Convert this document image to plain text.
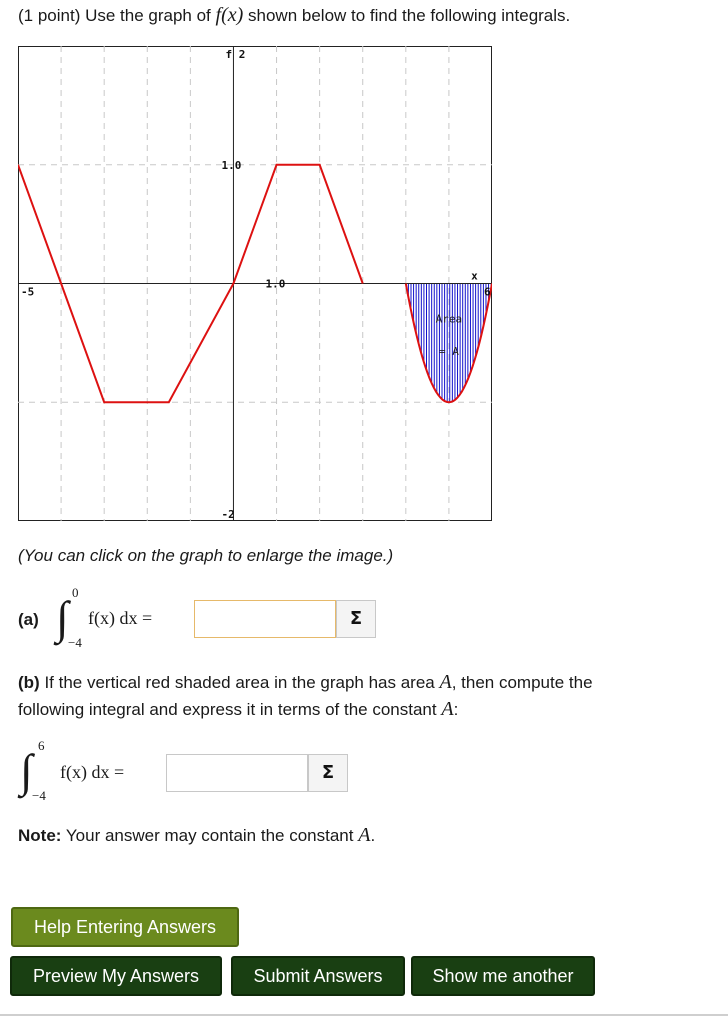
(1 point) Use the graph of f(x) shown below to find the following integrals.
f 2
1.0
1.0
-5	6
x
-2
Area
= A
(You can click on the graph to enlarge the image.)
(a)
0
∫ −4
f(x) dx =	Σ
(b) If the vertical red shaded area in the graph has area A, then compute the
following integral and express it in terms of the constant A:
6
∫ −4
f(x) dx =	Σ
Note: Your answer may contain the constant A.
Help Entering Answers
Preview My Answers	Submit Answers	Show me another
